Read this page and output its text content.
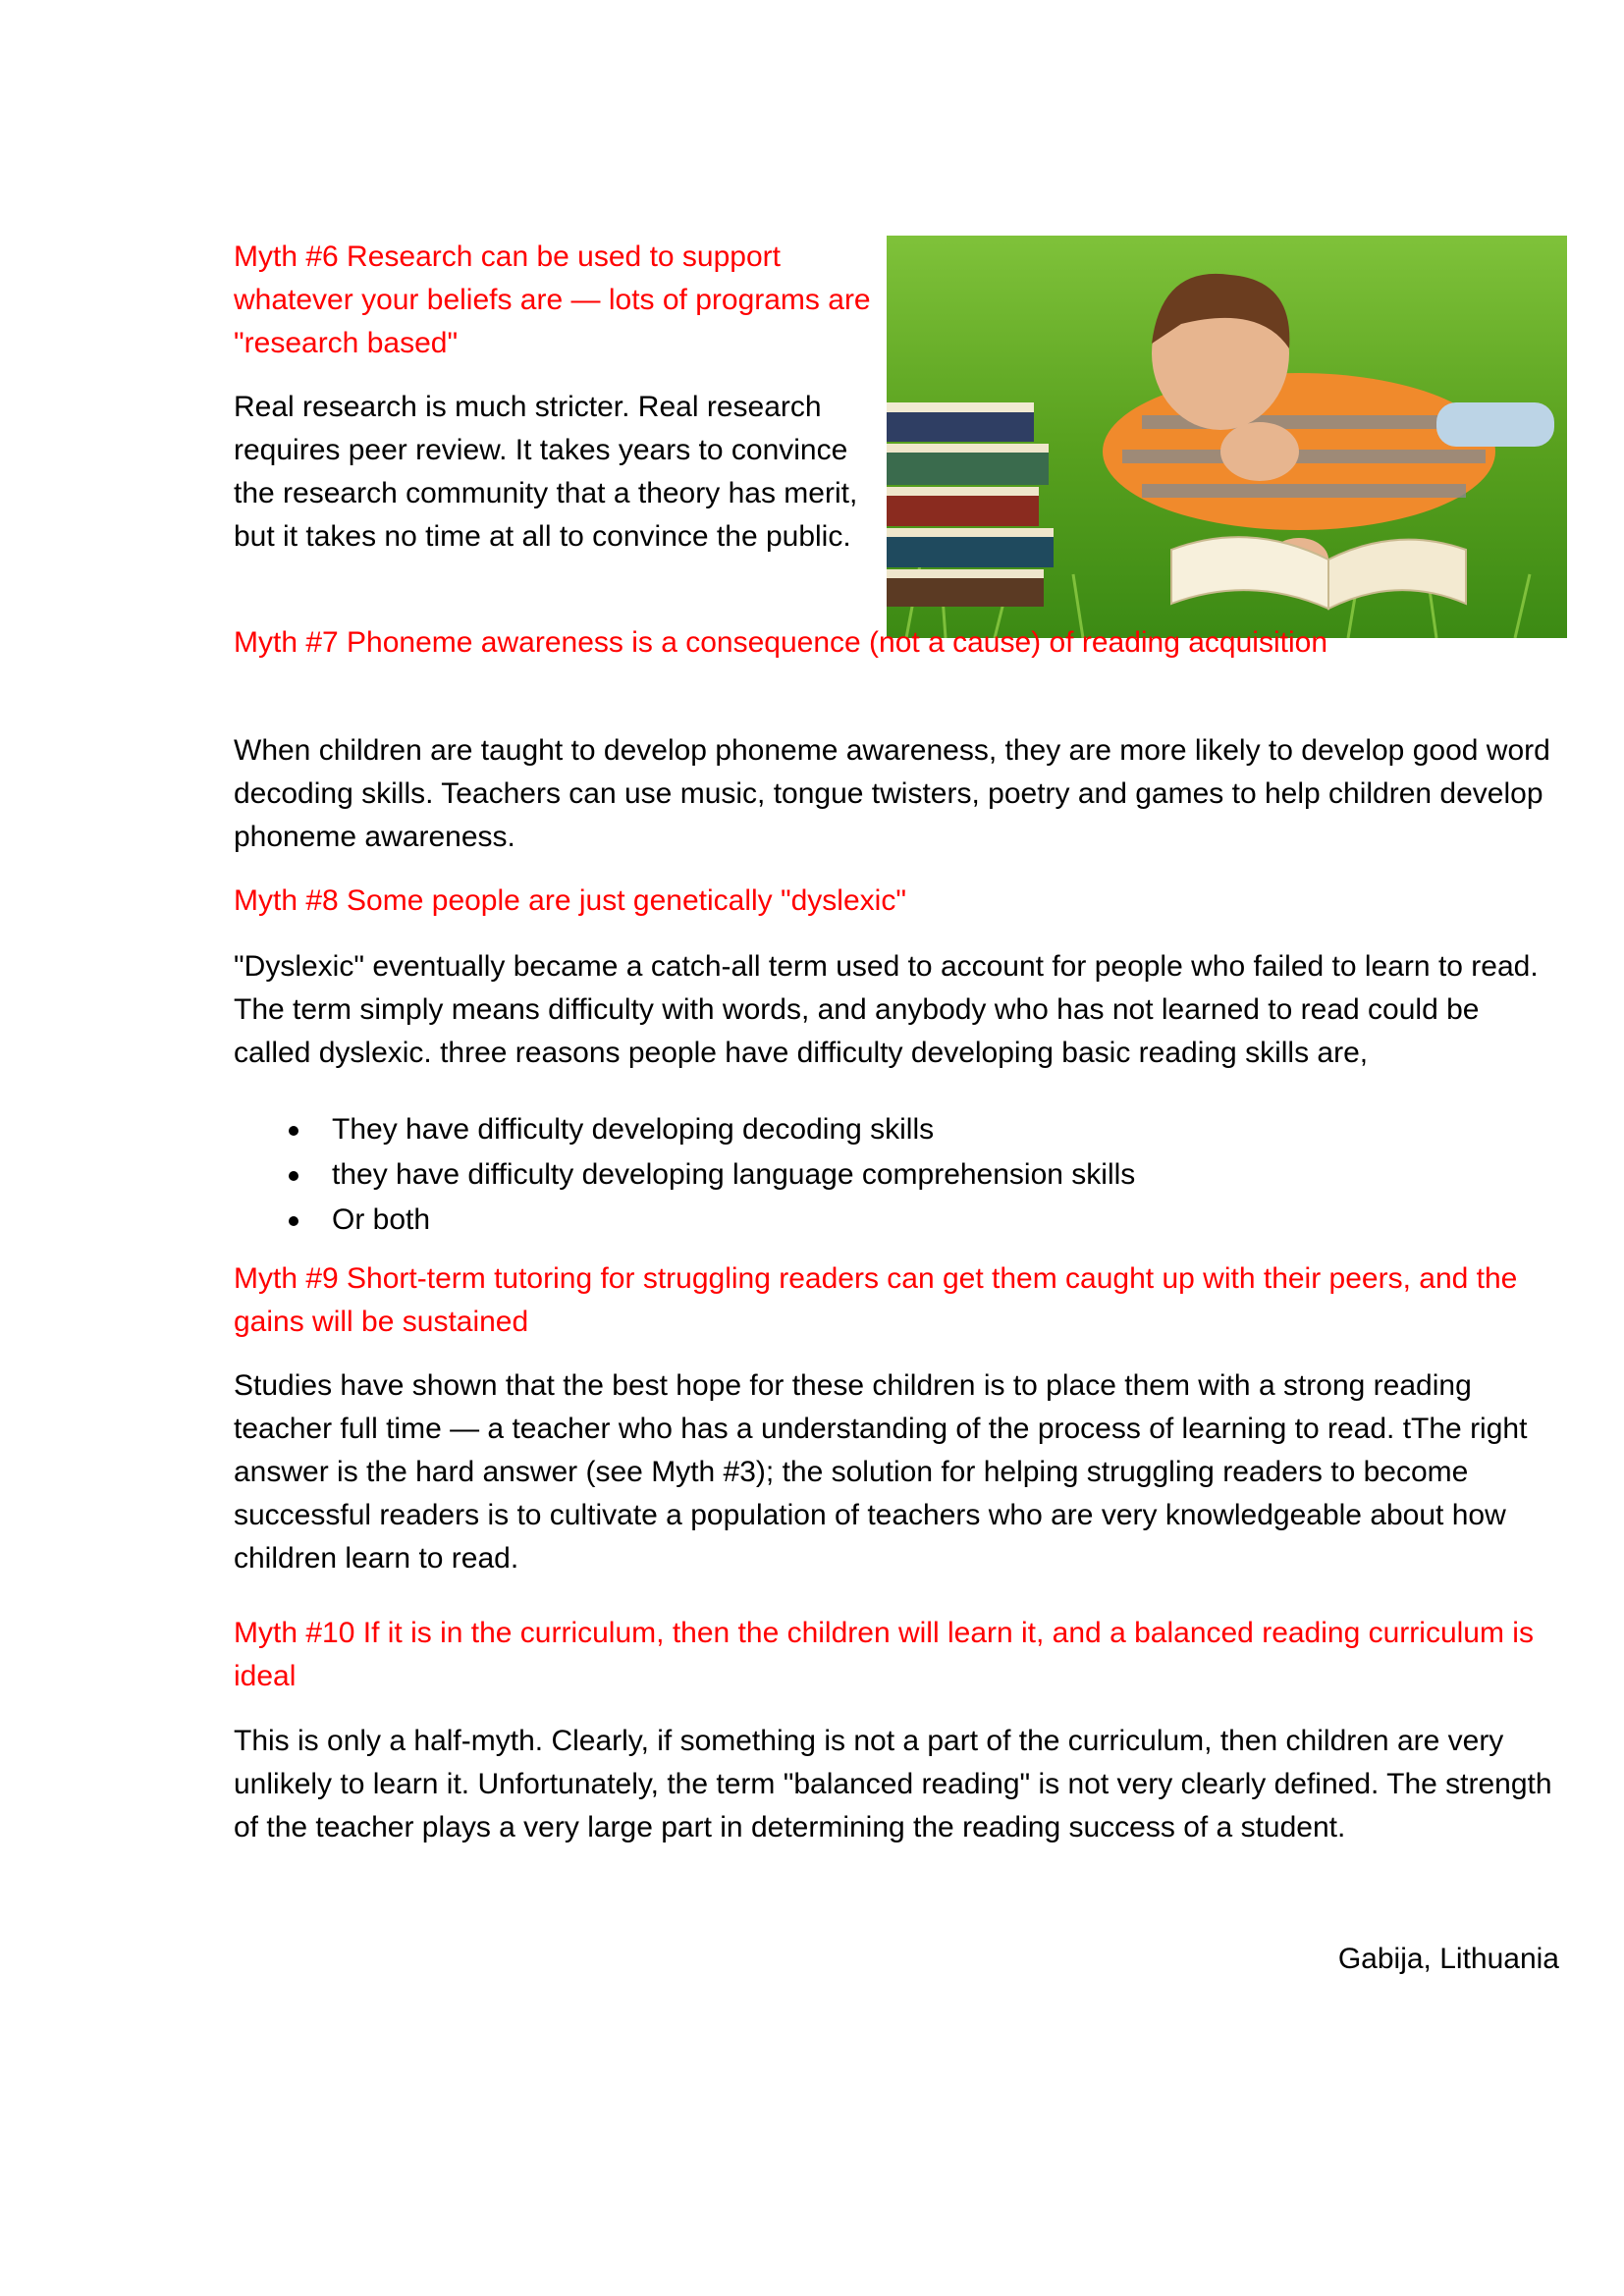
Myth #6 Research can be used to support whatever your beliefs are — lots of programs are "research based"

Real research is much stricter. Real research requires peer review. It takes years to convince the research community that a theory has merit, but it takes no time at all to convince the public.

Myth #7 Phoneme awareness is a consequence (not a cause) of reading acquisition

When children are taught to develop phoneme awareness, they are more likely to develop good word decoding skills. Teachers can use music, tongue twisters, poetry and games to help children develop phoneme awareness.

Myth #8 Some people are just genetically "dyslexic"

"Dyslexic" eventually became a catch-all term used to account for people who failed to learn to read. The term simply means difficulty with words, and anybody who has not learned to read could be called dyslexic. three reasons people have difficulty developing basic reading skills are,

They have difficulty developing decoding skills
they have difficulty developing language comprehension skills
Or both

Myth #9 Short-term tutoring for struggling readers can get them caught up with their peers, and the gains will be sustained

Studies have shown that the best hope for these children is to place them with a strong reading teacher full time — a teacher who has a understanding of the process of learning to read. tThe right answer is the hard answer (see Myth #3); the solution for helping struggling readers to become successful readers is to cultivate a population of teachers who are very knowledgeable about how children learn to read.

Myth #10 If it is in the curriculum, then the children will learn it, and a balanced reading curriculum is ideal

This is only a half-myth. Clearly, if something is not a part of the curriculum, then children are very unlikely to learn it. Unfortunately, the term "balanced reading" is not very clearly defined. The strength of the teacher plays a very large part in determining the reading success of a student.

Gabija, Lithuania
